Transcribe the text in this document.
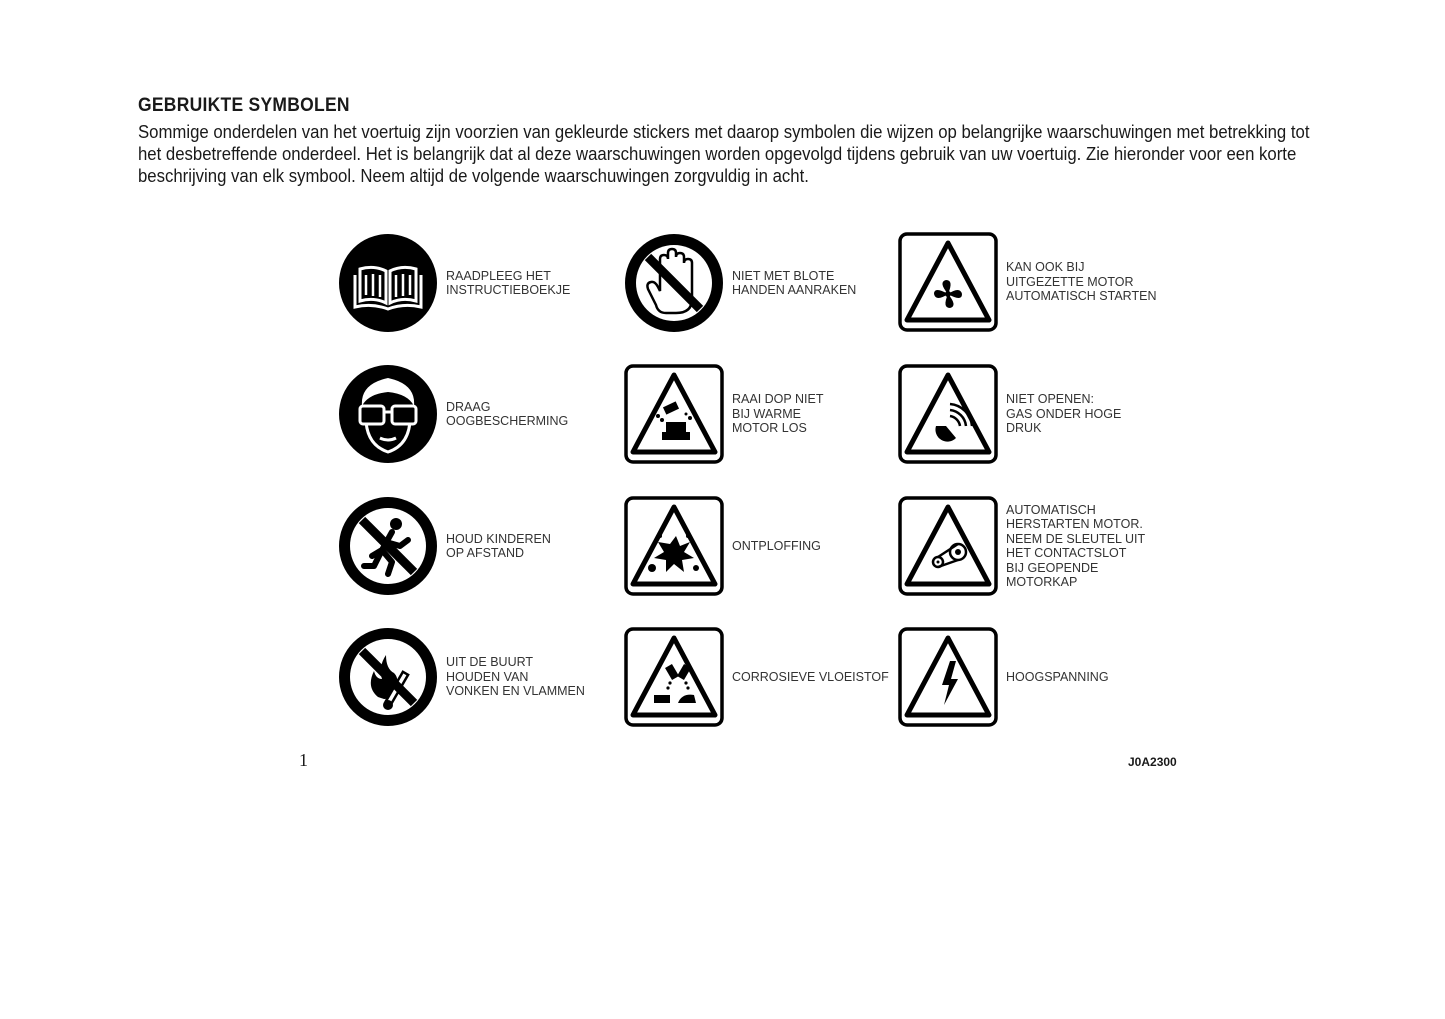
GEBRUIKTE SYMBOLEN
Sommige onderdelen van het voertuig zijn voorzien van gekleurde stickers met daarop symbolen die wijzen op belangrijke waarschuwingen met betrekking tot het desbetreffende onderdeel. Het is belangrijk dat al deze waarschuwingen worden opgevolgd tijdens gebruik van uw voertuig. Zie hieronder voor een korte beschrijving van elk symbool. Neem altijd de volgende waarschuwingen zorgvuldig in acht.
RAADPLEEG HET
INSTRUCTIEBOEKJE
NIET MET BLOTE
HANDEN AANRAKEN
KAN OOK BIJ
UITGEZETTE MOTOR
AUTOMATISCH STARTEN
DRAAG OOGBESCHERMING
RAAI DOP NIET
BIJ WARME
MOTOR LOS
NIET OPENEN:
GAS ONDER HOGE
DRUK
HOUD KINDEREN
OP AFSTAND
ONTPLOFFING
AUTOMATISCH
HERSTARTEN MOTOR.
NEEM DE SLEUTEL UIT
HET CONTACTSLOT
BIJ GEOPENDE
MOTORKAP
UIT DE BUURT
HOUDEN VAN
VONKEN EN VLAMMEN
CORROSIEVE VLOEISTOF	HOOGSPANNING
1	J0A2300
